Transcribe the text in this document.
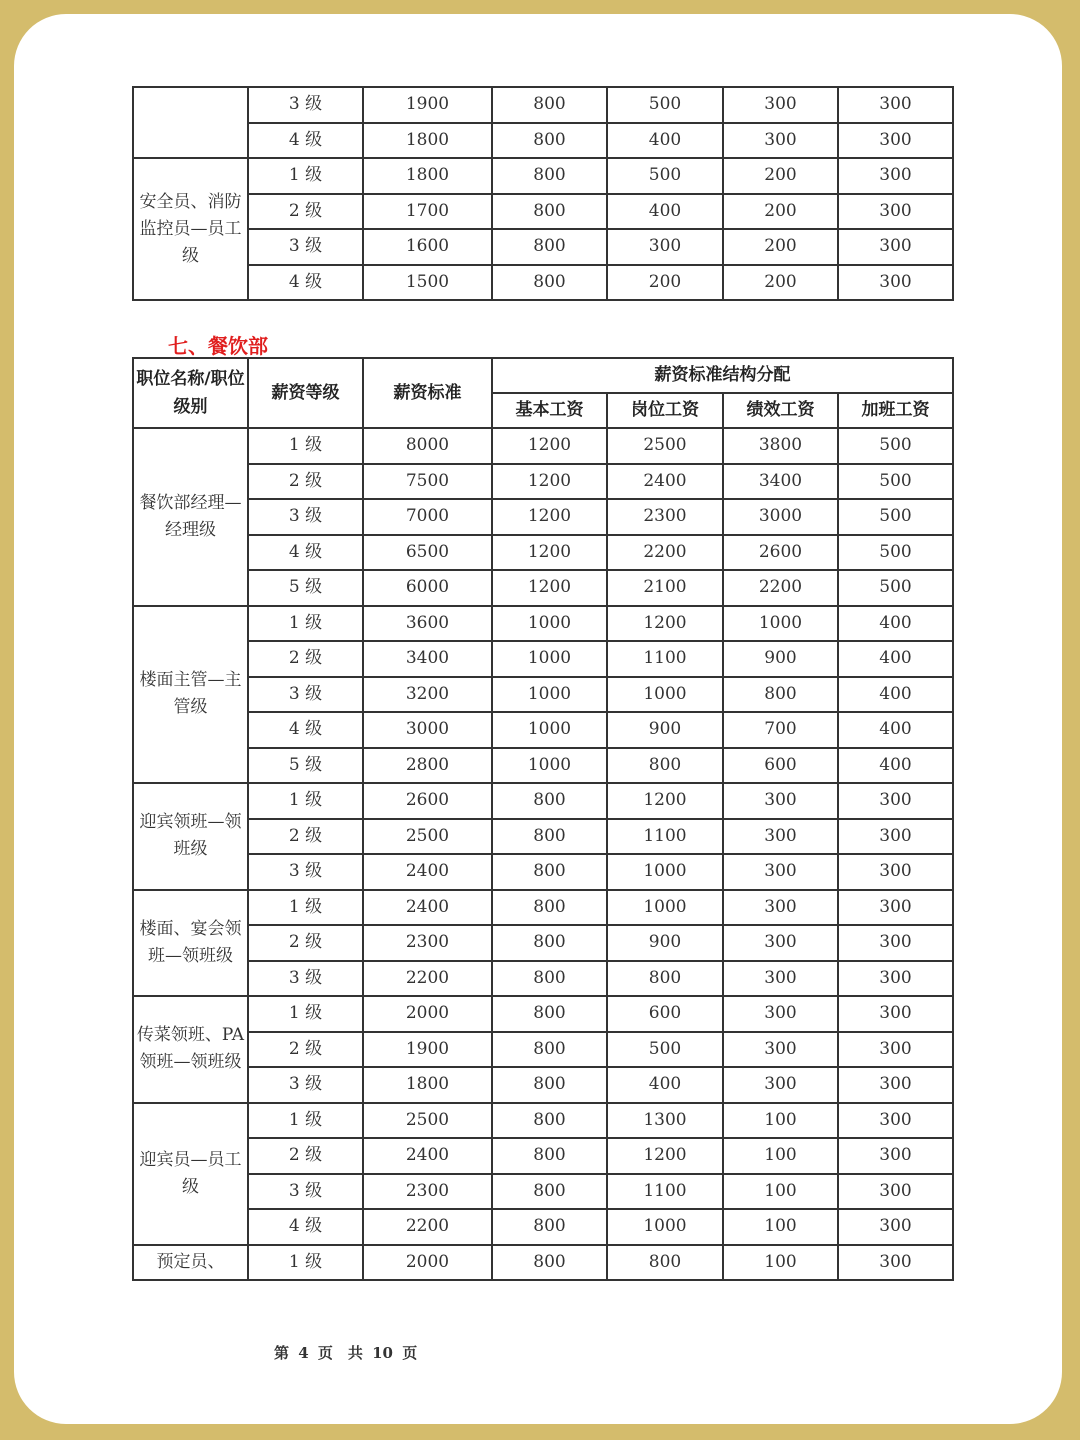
	3 级	1900	800	500	300	300
	4 级	1800	800	400	300	300
安全员、消防监控员—员工级	1 级	1800	800	500	200	300
	2 级	1700	800	400	200	300
	3 级	1600	800	300	200	300
	4 级	1500	800	200	200	300
七、餐饮部
职位名称/职位级别	薪资等级	薪资标准	薪资标准结构分配			
			基本工资	岗位工资	绩效工资	加班工资
餐饮部经理—经理级	1 级	8000	1200	2500	3800	500
	2 级	7500	1200	2400	3400	500
	3 级	7000	1200	2300	3000	500
	4 级	6500	1200	2200	2600	500
	5 级	6000	1200	2100	2200	500
楼面主管—主管级	1 级	3600	1000	1200	1000	400
	2 级	3400	1000	1100	900	400
	3 级	3200	1000	1000	800	400
	4 级	3000	1000	900	700	400
	5 级	2800	1000	800	600	400
迎宾领班—领班级	1 级	2600	800	1200	300	300
	2 级	2500	800	1100	300	300
	3 级	2400	800	1000	300	300
楼面、宴会领班—领班级	1 级	2400	800	1000	300	300
	2 级	2300	800	900	300	300
	3 级	2200	800	800	300	300
传菜领班、PA 领班—领班级	1 级	2000	800	600	300	300
	2 级	1900	800	500	300	300
	3 级	1800	800	400	300	300
迎宾员—员工级	1 级	2500	800	1300	100	300
	2 级	2400	800	1200	100	300
	3 级	2300	800	1100	100	300
	4 级	2200	800	1000	100	300
预定员、	1 级	2000	800	800	100	300
第 4 页　共 10 页
